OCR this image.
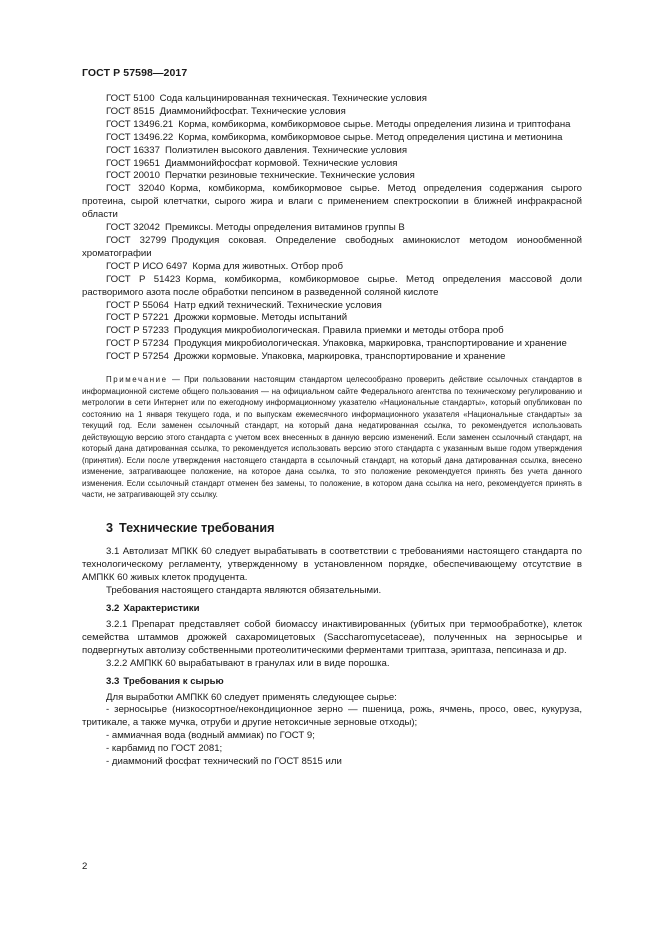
ГОСТ Р 57598—2017

ГОСТ 5100 Сода кальцинированная техническая. Технические условия

ГОСТ 8515 Диаммонийфосфат. Технические условия

ГОСТ 13496.21 Корма, комбикорма, комбикормовое сырье. Методы определения лизина и триптофана

ГОСТ 13496.22 Корма, комбикорма, комбикормовое сырье. Метод определения цистина и метионина

ГОСТ 16337 Полиэтилен высокого давления. Технические условия

ГОСТ 19651 Диаммонийфосфат кормовой. Технические условия

ГОСТ 20010 Перчатки резиновые технические. Технические условия

ГОСТ 32040 Корма, комбикорма, комбикормовое сырье. Метод определения содержания сырого протеина, сырой клетчатки, сырого жира и влаги с применением спектроскопии в ближней инфракрасной области

ГОСТ 32042 Премиксы. Методы определения витаминов группы В

ГОСТ 32799 Продукция соковая. Определение свободных аминокислот методом ионообменной хроматографии

ГОСТ Р ИСО 6497 Корма для животных. Отбор проб

ГОСТ Р 51423 Корма, комбикорма, комбикормовое сырье. Метод определения массовой доли растворимого азота после обработки пепсином в разведенной соляной кислоте

ГОСТ Р 55064 Натр едкий технический. Технические условия

ГОСТ Р 57221 Дрожжи кормовые. Методы испытаний

ГОСТ Р 57233 Продукция микробиологическая. Правила приемки и методы отбора проб

ГОСТ Р 57234 Продукция микробиологическая. Упаковка, маркировка, транспортирование и хранение

ГОСТ Р 57254 Дрожжи кормовые. Упаковка, маркировка, транспортирование и хранение

Примечание — При пользовании настоящим стандартом целесообразно проверить действие ссылочных стандартов в информационной системе общего пользования — на официальном сайте Федерального агентства по техническому регулированию и метрологии в сети Интернет или по ежегодному информационному указателю «Национальные стандарты», который опубликован по состоянию на 1 января текущего года, и по выпускам ежемесячного информационного указателя «Национальные стандарты» за текущий год. Если заменен ссылочный стандарт, на который дана недатированная ссылка, то рекомендуется использовать действующую версию этого стандарта с учетом всех внесенных в данную версию изменений. Если заменен ссылочный стандарт, на который дана датированная ссылка, то рекомендуется использовать версию этого стандарта с указанным выше годом утверждения (принятия). Если после утверждения настоящего стандарта в ссылочный стандарт, на который дана датированная ссылка, внесено изменение, затрагивающее положение, на которое дана ссылка, то это положение рекомендуется принять без учета данного изменения. Если ссылочный стандарт отменен без замены, то положение, в котором дана ссылка на него, рекомендуется принять в части, не затрагивающей эту ссылку.

3 Технические требования

3.1 Автолизат МПКК 60 следует вырабатывать в соответствии с требованиями настоящего стандарта по технологическому регламенту, утвержденному в установленном порядке, обеспечивающему отсутствие в АМПКК 60 живых клеток продуцента.

Требования настоящего стандарта являются обязательными.

3.2 Характеристики

3.2.1 Препарат представляет собой биомассу инактивированных (убитых при термообработке), клеток семейства штаммов дрожжей сахаромицетовых (Saccharomycetaceae), полученных на зерносырье и подвергнутых автолизу собственными протеолитическими ферментами триптаза, эриптаза, пепсиназа и др.

3.2.2 АМПКК 60 вырабатывают в гранулах или в виде порошка.

3.3 Требования к сырью

Для выработки АМПКК 60 следует применять следующее сырье:

- зерносырье (низкосортное/некондиционное зерно — пшеница, рожь, ячмень, просо, овес, кукуруза, тритикале, а также мучка, отруби и другие нетоксичные зерновые отходы);

- аммиачная вода (водный аммиак) по ГОСТ 9;

- карбамид по ГОСТ 2081;

- диаммоний фосфат технический по ГОСТ 8515 или

2
